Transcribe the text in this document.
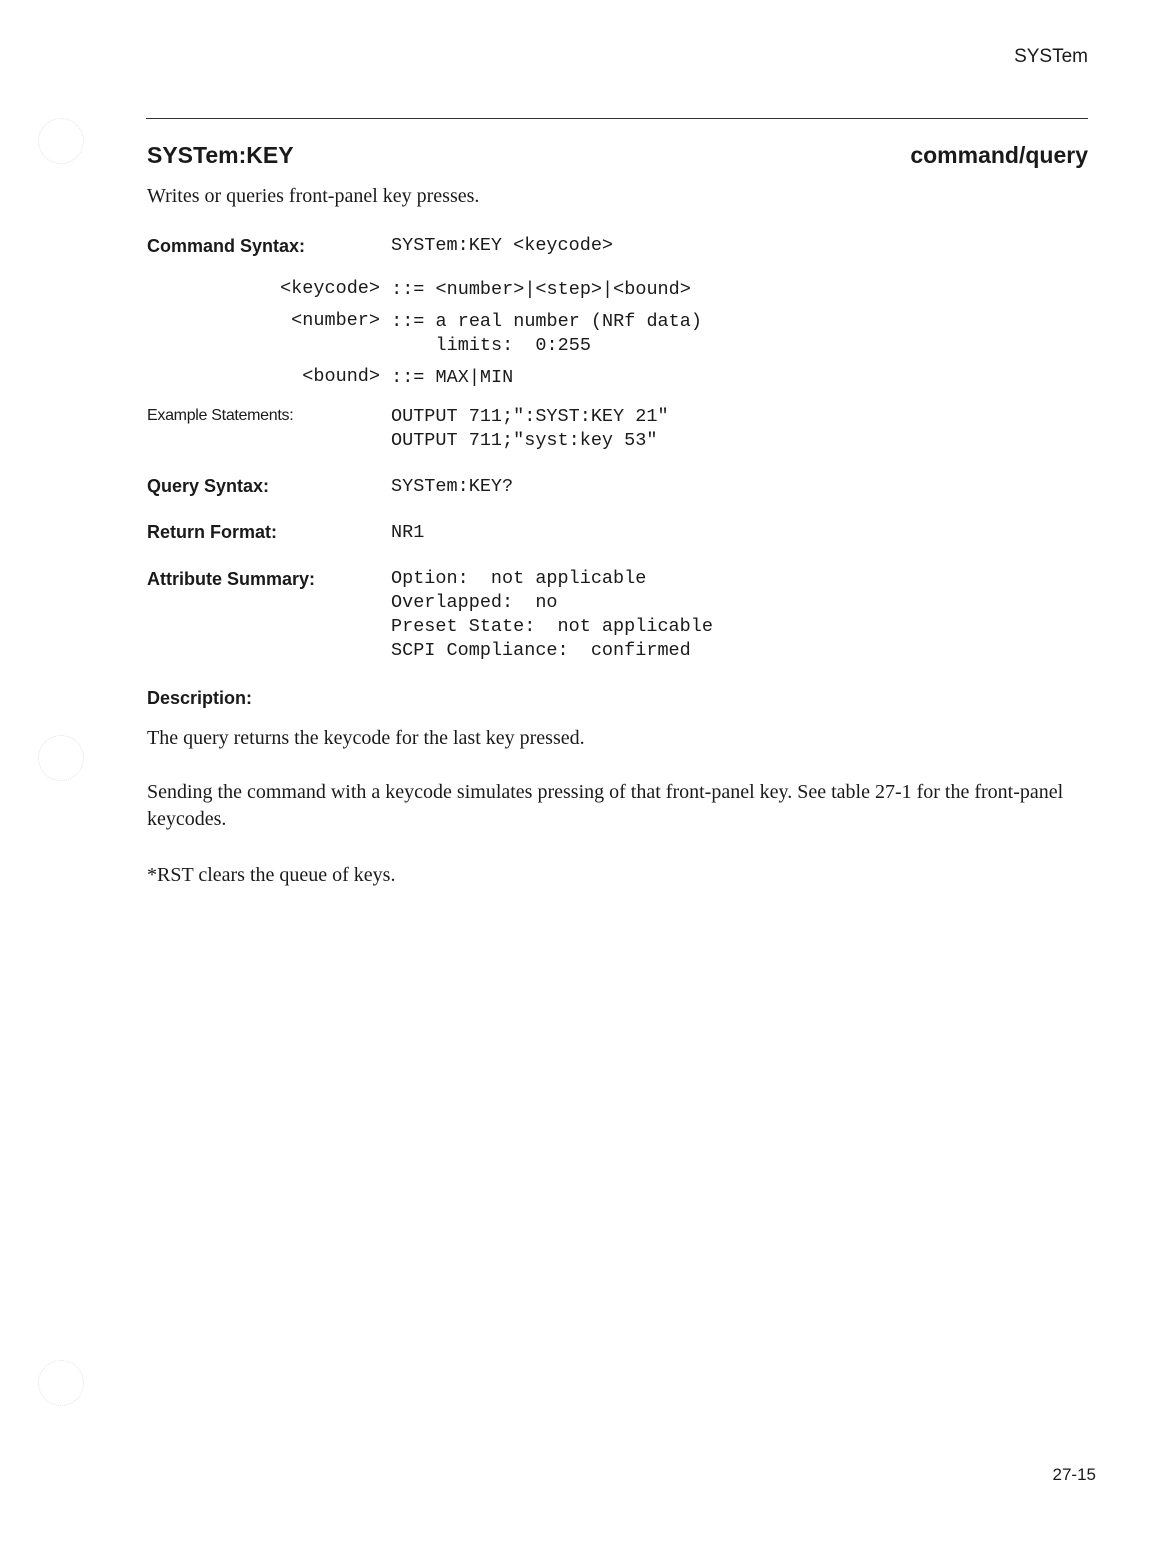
SYSTem
SYSTem:KEY	command/query
Writes or queries front-panel key presses.
Command Syntax:	SYSTem:KEY <keycode>
<keycode> ::= <number>|<step>|<bound>
<number> ::= a real number (NRf data)
limits:  0:255
<bound> ::= MAX|MIN
Example Statements:	OUTPUT 711;":SYST:KEY 21"
OUTPUT 711;"syst:key 53"
Query Syntax:	SYSTem:KEY?
Return Format:	NR1
Attribute Summary:	Option:  not applicable
Overlapped:  no
Preset State:  not applicable
SCPI Compliance:  confirmed
Description:

The query returns the keycode for the last key pressed.

Sending the command with a keycode simulates pressing of that front-panel key. See table 27-1 for the front-panel keycodes.

*RST clears the queue of keys.

27-15
